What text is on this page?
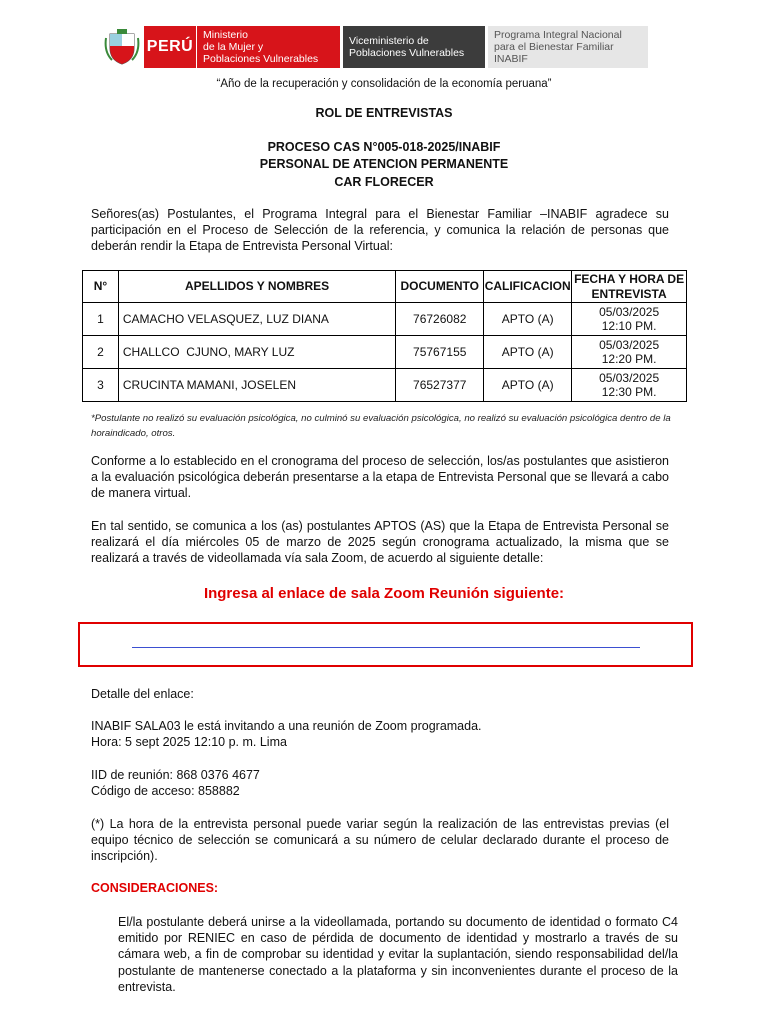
PERÚ
Ministerio
de la Mujer y
Poblaciones Vulnerables
Viceministerio de
Poblaciones Vulnerables
Programa Integral Nacional
para el Bienestar Familiar
INABIF
“Año de la recuperación y consolidación de la economía peruana”
ROL DE ENTREVISTAS
PROCESO CAS N°005-018-2025/INABIF
PERSONAL DE ATENCION PERMANENTE
CAR FLORECER
Señores(as) Postulantes, el Programa Integral para el Bienestar Familiar –INABIF agradece su participación en el Proceso de Selección de la referencia, y comunica la relación de personas que deberán rendir la Etapa de Entrevista Personal Virtual:
N°	APELLIDOS Y NOMBRES	DOCUMENTO	CALIFICACION	FECHA Y HORA DE ENTREVISTA
1	CAMACHO VELASQUEZ, LUZ DIANA	76726082	APTO (A)	05/03/2025
12:10 PM.

2	CHALLCO  CJUNO, MARY LUZ	75767155	APTO (A)	05/03/2025
12:20 PM.

3	CRUCINTA MAMANI, JOSELEN	76527377	APTO (A)	05/03/2025
12:30 PM.
*Postulante no realizó su evaluación psicológica, no culminó su evaluación psicológica, no realizó su evaluación psicológica dentro de la horaindicado, otros.
Conforme a lo establecido en el cronograma del proceso de selección, los/as postulantes que asistieron a la evaluación psicológica deberán presentarse a la etapa de Entrevista Personal que se llevará a cabo de manera virtual.
En tal sentido, se comunica a los (as) postulantes APTOS (AS) que la Etapa de Entrevista Personal se realizará el día miércoles 05 de marzo de 2025 según cronograma actualizado, la misma que se realizará a través de videollamada vía sala Zoom, de acuerdo al siguiente detalle:
Ingresa al enlace de sala Zoom Reunión siguiente:
Detalle del enlace:
INABIF SALA03 le está invitando a una reunión de Zoom programada.
Hora: 5 sept 2025 12:10 p. m. Lima
IID de reunión: 868 0376 4677
Código de acceso: 858882
(*) La hora de la entrevista personal puede variar según la realización de las entrevistas previas (el equipo técnico de selección se comunicará a su número de celular declarado durante el proceso de inscripción).
CONSIDERACIONES:
El/la postulante deberá unirse a la videollamada, portando su documento de identidad o formato C4 emitido por RENIEC en caso de pérdida de documento de identidad y mostrarlo a través de su cámara web, a fin de comprobar su identidad y evitar la suplantación, siendo responsabilidad del/la postulante de mantenerse conectado a la plataforma y sin inconvenientes durante el proceso de la entrevista.
